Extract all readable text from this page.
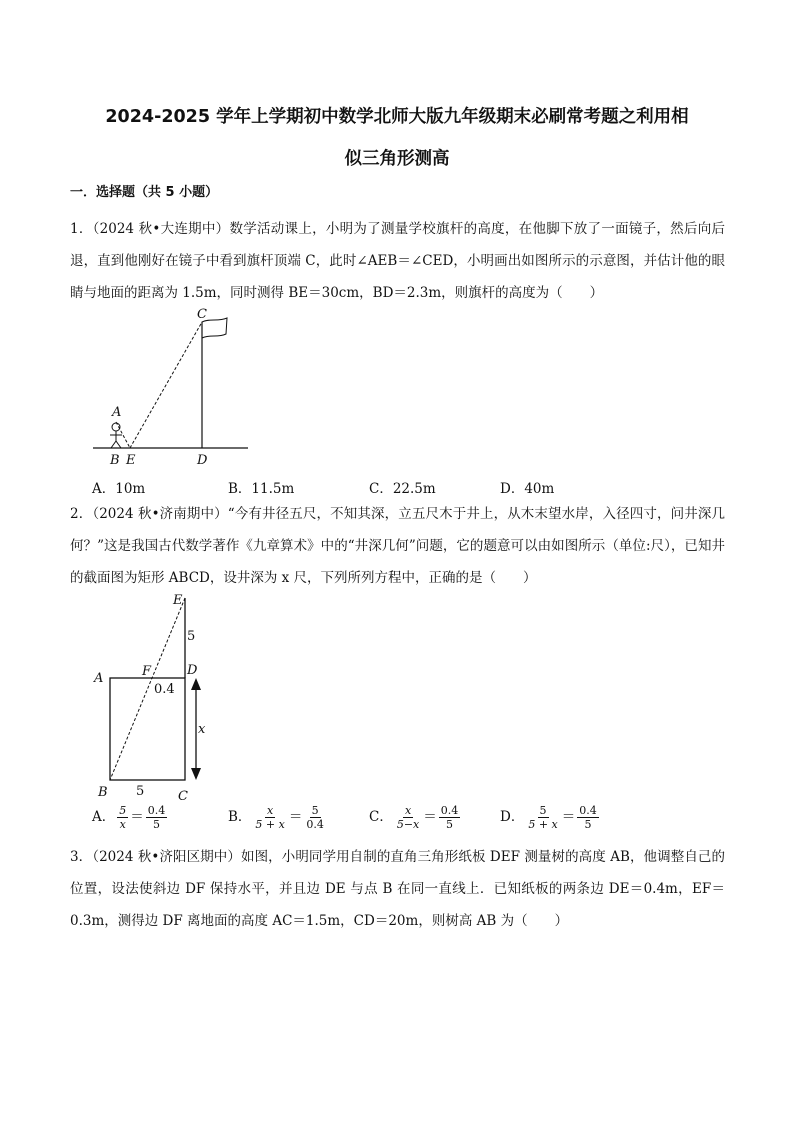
2024-2025 学年上学期初中数学北师大版九年级期末必刷常考题之利用相
似三角形测高
一．选择题（共 5 小题）
1．（2024 秋•大连期中）数学活动课上，小明为了测量学校旗杆的高度，在他脚下放了一面镜子，然后向后退，直到他刚好在镜子中看到旗杆顶端 C，此时∠AEB＝∠CED，小明画出如图所示的示意图，并估计他的眼睛与地面的距离为 1.5m，同时测得 BE＝30cm，BD＝2.3m，则旗杆的高度为（　　）
A
B E	D
C
A．10m	B．11.5m	C．22.5m	D．40m
2．（2024 秋•济南期中）“今有井径五尺，不知其深，立五尺木于井上，从木末望水岸，入径四寸，问井深几何？”这是我国古代数学著作《九章算术》中的“井深几何”问题，它的题意可以由如图所示（单位:尺），已知井的截面图为矩形 ABCD，设井深为 x 尺，下列所列方程中，正确的是（　　）
E
5
F	D
0.4
A
x
B 5	C
A． $\frac{5}{x} = \frac{0.4}{5}$	B． $\frac{x}{5 + x} = \frac{5}{0.4}$	C． $\frac{x}{5-x} = \frac{0.4}{5}$	D． $\frac{5}{5 + x} = \frac{0.4}{5}$
3．（2024 秋•济阳区期中）如图，小明同学用自制的直角三角形纸板 DEF 测量树的高度 AB，他调整自己的位置，设法使斜边 DF 保持水平，并且边 DE 与点 B 在同一直线上．已知纸板的两条边 DE＝0.4m，EF＝0.3m，测得边 DF 离地面的高度 AC＝1.5m，CD＝20m，则树高 AB 为（　　）
